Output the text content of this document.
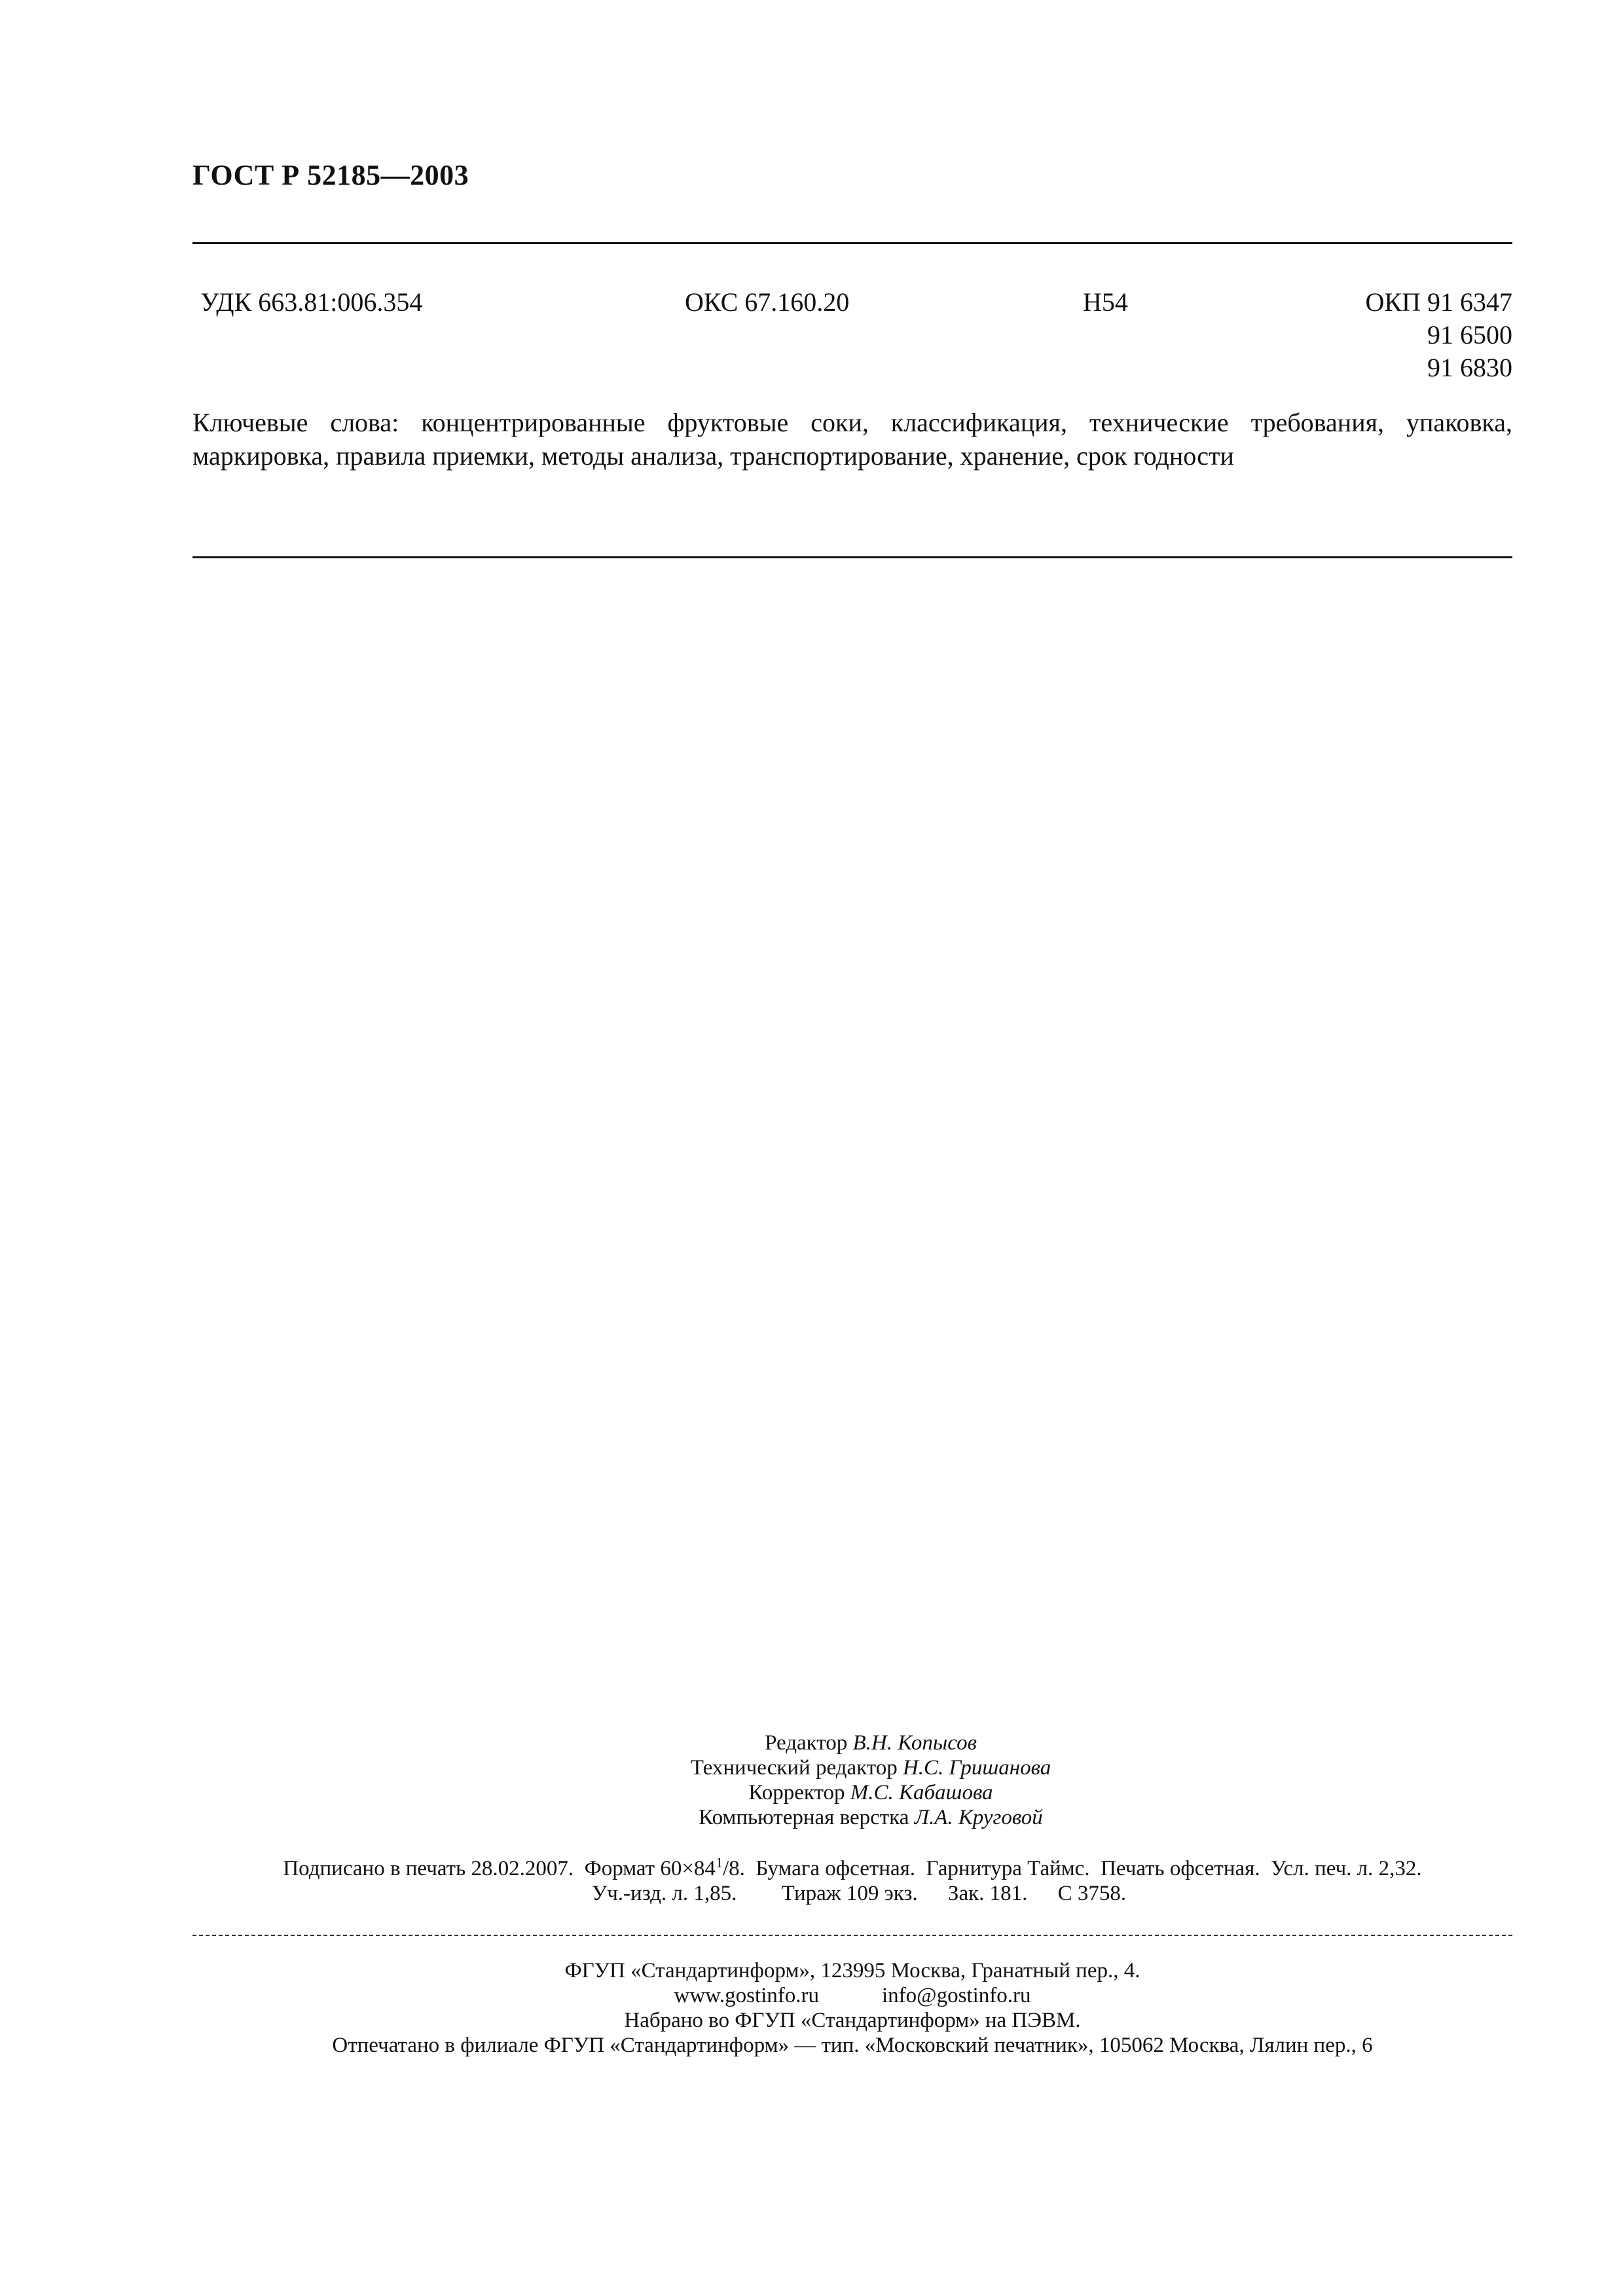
ГОСТ Р 52185—2003
УДК 663.81:006.354	ОКС 67.160.20	Н54	ОКП 91 6347
91 6500
91 6830
Ключевые слова: концентрированные фруктовые соки, классификация, технические требования, упаковка, маркировка, правила приемки, методы анализа, транспортирование, хранение, срок годности
Редактор В.Н. Копысов
Технический редактор Н.С. Гришанова
Корректор М.С. Кабашова
Компьютерная верстка Л.А. Круговой
Подписано в печать 28.02.2007. Формат $60\times 84^1/8$. Бумага офсетная. Гарнитура Таймс. Печать офсетная. Усл. печ. л. 2,32.
Уч.-изд. л. 1,85. Тираж 109 экз. Зак. 181. С 3758.
ФГУП «Стандартинформ», 123995 Москва, Гранатный пер., 4.
www.gostinfo.ru	info@gostinfo.ru
Набрано во ФГУП «Стандартинформ» на ПЭВМ.
Отпечатано в филиале ФГУП «Стандартинформ» — тип. «Московский печатник», 105062 Москва, Лялин пер., 6
